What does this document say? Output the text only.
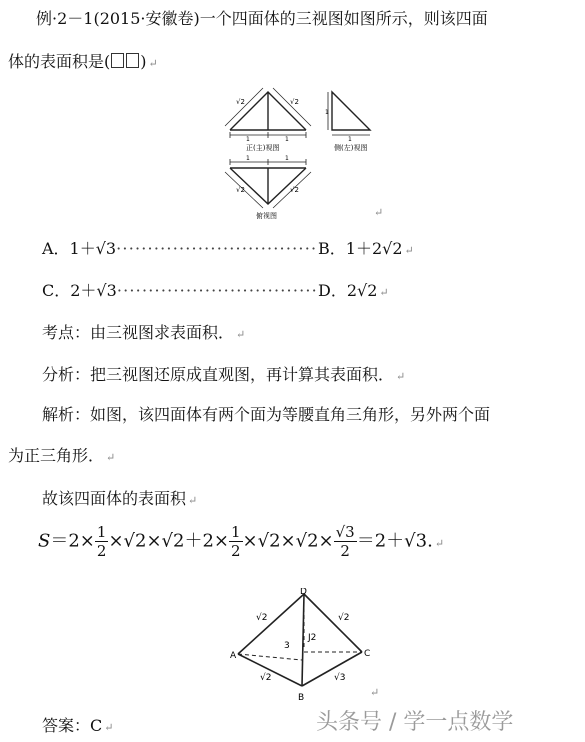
例·2－1(2015·安徽卷)一个四面体的三视图如图所示，则该四面
体的表面积是( ) ↵
√2	√2
1	1
正(主)视图
1
1
侧(左)视图
1	1
√2	√2
俯视图	↵
A．1＋√3································ B．1＋2√2 ↵
C．2＋√3································ D．2√2 ↵
考点：由三视图求表面积． ↵
分析：把三视图还原成直观图，再计算其表面积． ↵
解析：如图，该四面体有两个面为等腰直角三角形，另外两个面
为正三角形． ↵
故该四面体的表面积 ↵
$S=2\times \frac{1}{2} \times√2\times√2+2\times \frac{1}{2} \times√2\times√2\times \frac{√3}{2} =2+√3$. ↵
D
A
B
C
√2	√2
√2	√3
3
J2
↵
答案：C ↵	头条号 / 学一点数学
